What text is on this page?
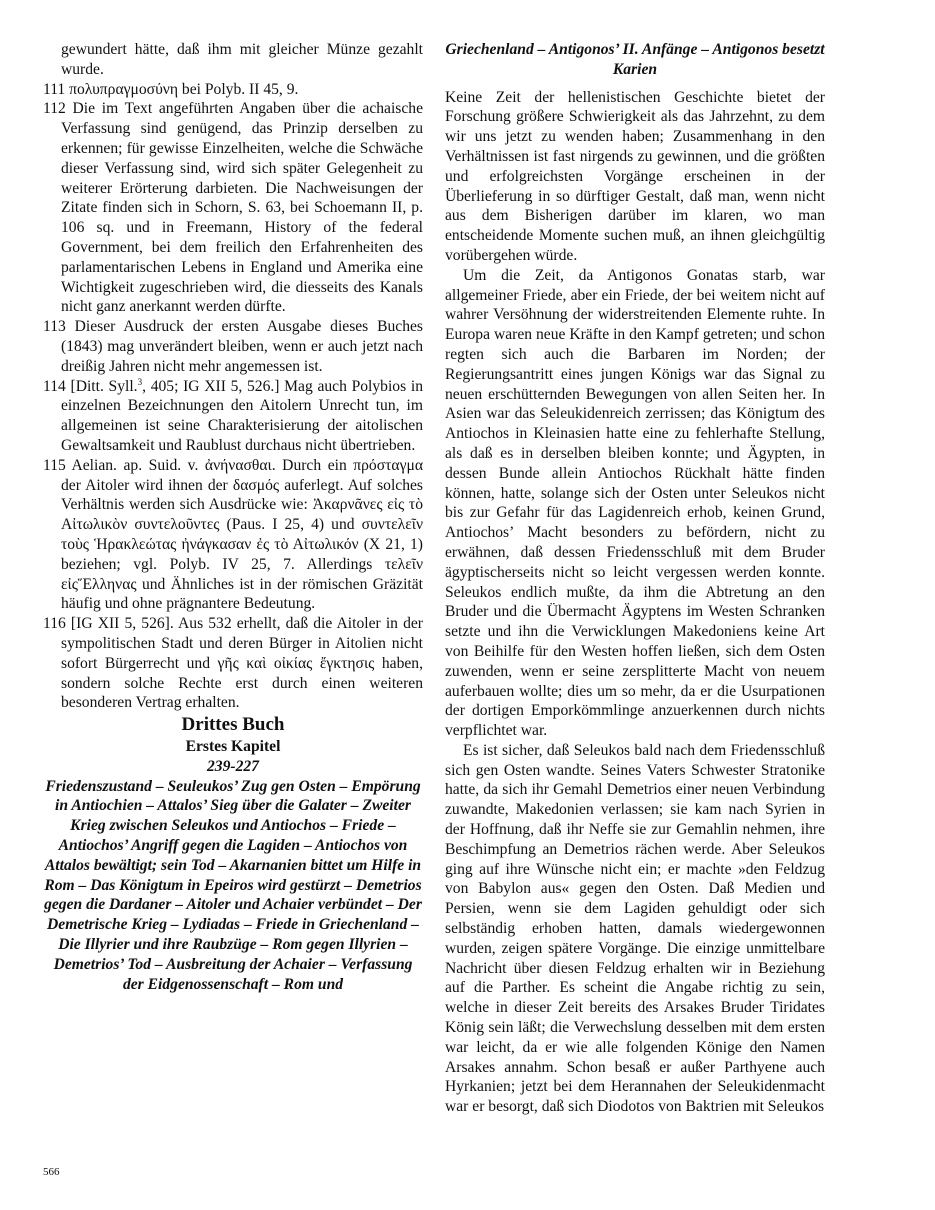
gewundert hätte, daß ihm mit gleicher Münze gezahlt wurde.

111 πολυπραγμοσύνη bei Polyb. II 45, 9.

112 Die im Text angeführten Angaben über die achaische Verfassung sind genügend, das Prinzip derselben zu erkennen; für gewisse Einzelheiten, welche die Schwäche dieser Verfassung sind, wird sich später Gelegenheit zu weiterer Erörterung darbieten. Die Nachweisungen der Zitate finden sich in Schorn, S. 63, bei Schoemann II, p. 106 sq. und in Freemann, History of the federal Government, bei dem freilich den Erfahrenheiten des parlamentarischen Lebens in England und Amerika eine Wichtigkeit zugeschrieben wird, die diesseits des Kanals nicht ganz anerkannt werden dürfte.

113 Dieser Ausdruck der ersten Ausgabe dieses Buches (1843) mag unverändert bleiben, wenn er auch jetzt nach dreißig Jahren nicht mehr angemessen ist.

114 [Ditt. Syll.$^3$, 405; IG XII 5, 526.] Mag auch Polybios in einzelnen Bezeichnungen den Aitolern Unrecht tun, im allgemeinen ist seine Charakterisierung der aitolischen Gewaltsamkeit und Raublust durchaus nicht übertrieben.

115 Aelian. ap. Suid. v. ἀνήνασθαι. Durch ein πρόσταγμα der Aitoler wird ihnen der δασμός auferlegt. Auf solches Verhältnis werden sich Ausdrücke wie: Ἀκαρνᾶνες εἰς τὸ Αἰτωλικὸν συντελοῦντες (Paus. I 25, 4) und συντελεῖν τοὺς Ἡρακλεώτας ἠνάγκασαν ἐς τὸ Αἰτωλικόν (X 21, 1) beziehen; vgl. Polyb. IV 25, 7. Allerdings τελεῖν εἰςἝλληνας und Ähnliches ist in der römischen Gräzität häufig und ohne prägnantere Bedeutung.

116 [IG XII 5, 526]. Aus 532 erhellt, daß die Aitoler in der sympolitischen Stadt und deren Bürger in Aitolien nicht sofort Bürgerrecht und γῆς καὶ οἰκίας ἔγκτησις haben, sondern solche Rechte erst durch einen weiteren besonderen Vertrag erhalten.

Drittes Buch
Erstes Kapitel
239-227
Friedenszustand – Seuleukos’ Zug gen Osten – Empörung in Antiochien – Attalos’ Sieg über die Galater – Zweiter Krieg zwischen Seleukos und Antiochos – Friede – Antiochos’ Angriff gegen die Lagiden – Antiochos von Attalos bewältigt; sein Tod – Akarnanien bittet um Hilfe in Rom – Das Königtum in Epeiros wird gestürzt – Demetrios gegen die Dardaner – Aitoler und Achaier verbündet – Der Demetrische Krieg – Lydiadas – Friede in Griechenland – Die Illyrier und ihre Raubzüge – Rom gegen Illyrien – Demetrios’ Tod – Ausbreitung der Achaier – Verfassung der Eidgenossenschaft – Rom und
Griechenland – Antigonos’ II. Anfänge – Antigonos besetzt Karien

Keine Zeit der hellenistischen Geschichte bietet der Forschung größere Schwierigkeit als das Jahrzehnt, zu dem wir uns jetzt zu wenden haben; Zusammenhang in den Verhältnissen ist fast nirgends zu gewinnen, und die größten und erfolgreichsten Vorgänge erscheinen in der Überlieferung in so dürftiger Gestalt, daß man, wenn nicht aus dem Bisherigen darüber im klaren, wo man entscheidende Momente suchen muß, an ihnen gleichgültig vorübergehen würde.

Um die Zeit, da Antigonos Gonatas starb, war allgemeiner Friede, aber ein Friede, der bei weitem nicht auf wahrer Versöhnung der widerstreitenden Elemente ruhte. In Europa waren neue Kräfte in den Kampf getreten; und schon regten sich auch die Barbaren im Norden; der Regierungsantritt eines jungen Königs war das Signal zu neuen erschütternden Bewegungen von allen Seiten her. In Asien war das Seleukidenreich zerrissen; das Königtum des Antiochos in Kleinasien hatte eine zu fehlerhafte Stellung, als daß es in derselben bleiben konnte; und Ägypten, in dessen Bunde allein Antiochos Rückhalt hätte finden können, hatte, solange sich der Osten unter Seleukos nicht bis zur Gefahr für das Lagidenreich erhob, keinen Grund, Antiochos’ Macht besonders zu befördern, nicht zu erwähnen, daß dessen Friedensschluß mit dem Bruder ägyptischerseits nicht so leicht vergessen werden konnte. Seleukos endlich mußte, da ihm die Abtretung an den Bruder und die Übermacht Ägyptens im Westen Schranken setzte und ihn die Verwicklungen Makedoniens keine Art von Beihilfe für den Westen hoffen ließen, sich dem Osten zuwenden, wenn er seine zersplitterte Macht von neuem auferbauen wollte; dies um so mehr, da er die Usurpationen der dortigen Emporkömmlinge anzuerkennen durch nichts verpflichtet war.

Es ist sicher, daß Seleukos bald nach dem Friedensschluß sich gen Osten wandte. Seines Vaters Schwester Stratonike hatte, da sich ihr Gemahl Demetrios einer neuen Verbindung zuwandte, Makedonien verlassen; sie kam nach Syrien in der Hoffnung, daß ihr Neffe sie zur Gemahlin nehmen, ihre Beschimpfung an Demetrios rächen werde. Aber Seleukos ging auf ihre Wünsche nicht ein; er machte »den Feldzug von Babylon aus« gegen den Osten. Daß Medien und Persien, wenn sie dem Lagiden gehuldigt oder sich selbständig erhoben hatten, damals wiedergewonnen wurden, zeigen spätere Vorgänge. Die einzige unmittelbare Nachricht über diesen Feldzug erhalten wir in Beziehung auf die Parther. Es scheint die Angabe richtig zu sein, welche in dieser Zeit bereits des Arsakes Bruder Tiridates König sein läßt; die Verwechslung desselben mit dem ersten war leicht, da er wie alle folgenden Könige den Namen Arsakes annahm. Schon besaß er außer Parthyene auch Hyrkanien; jetzt bei dem Herannahen der Seleukidenmacht war er besorgt, daß sich Diodotos von Baktrien mit Seleukos

566
